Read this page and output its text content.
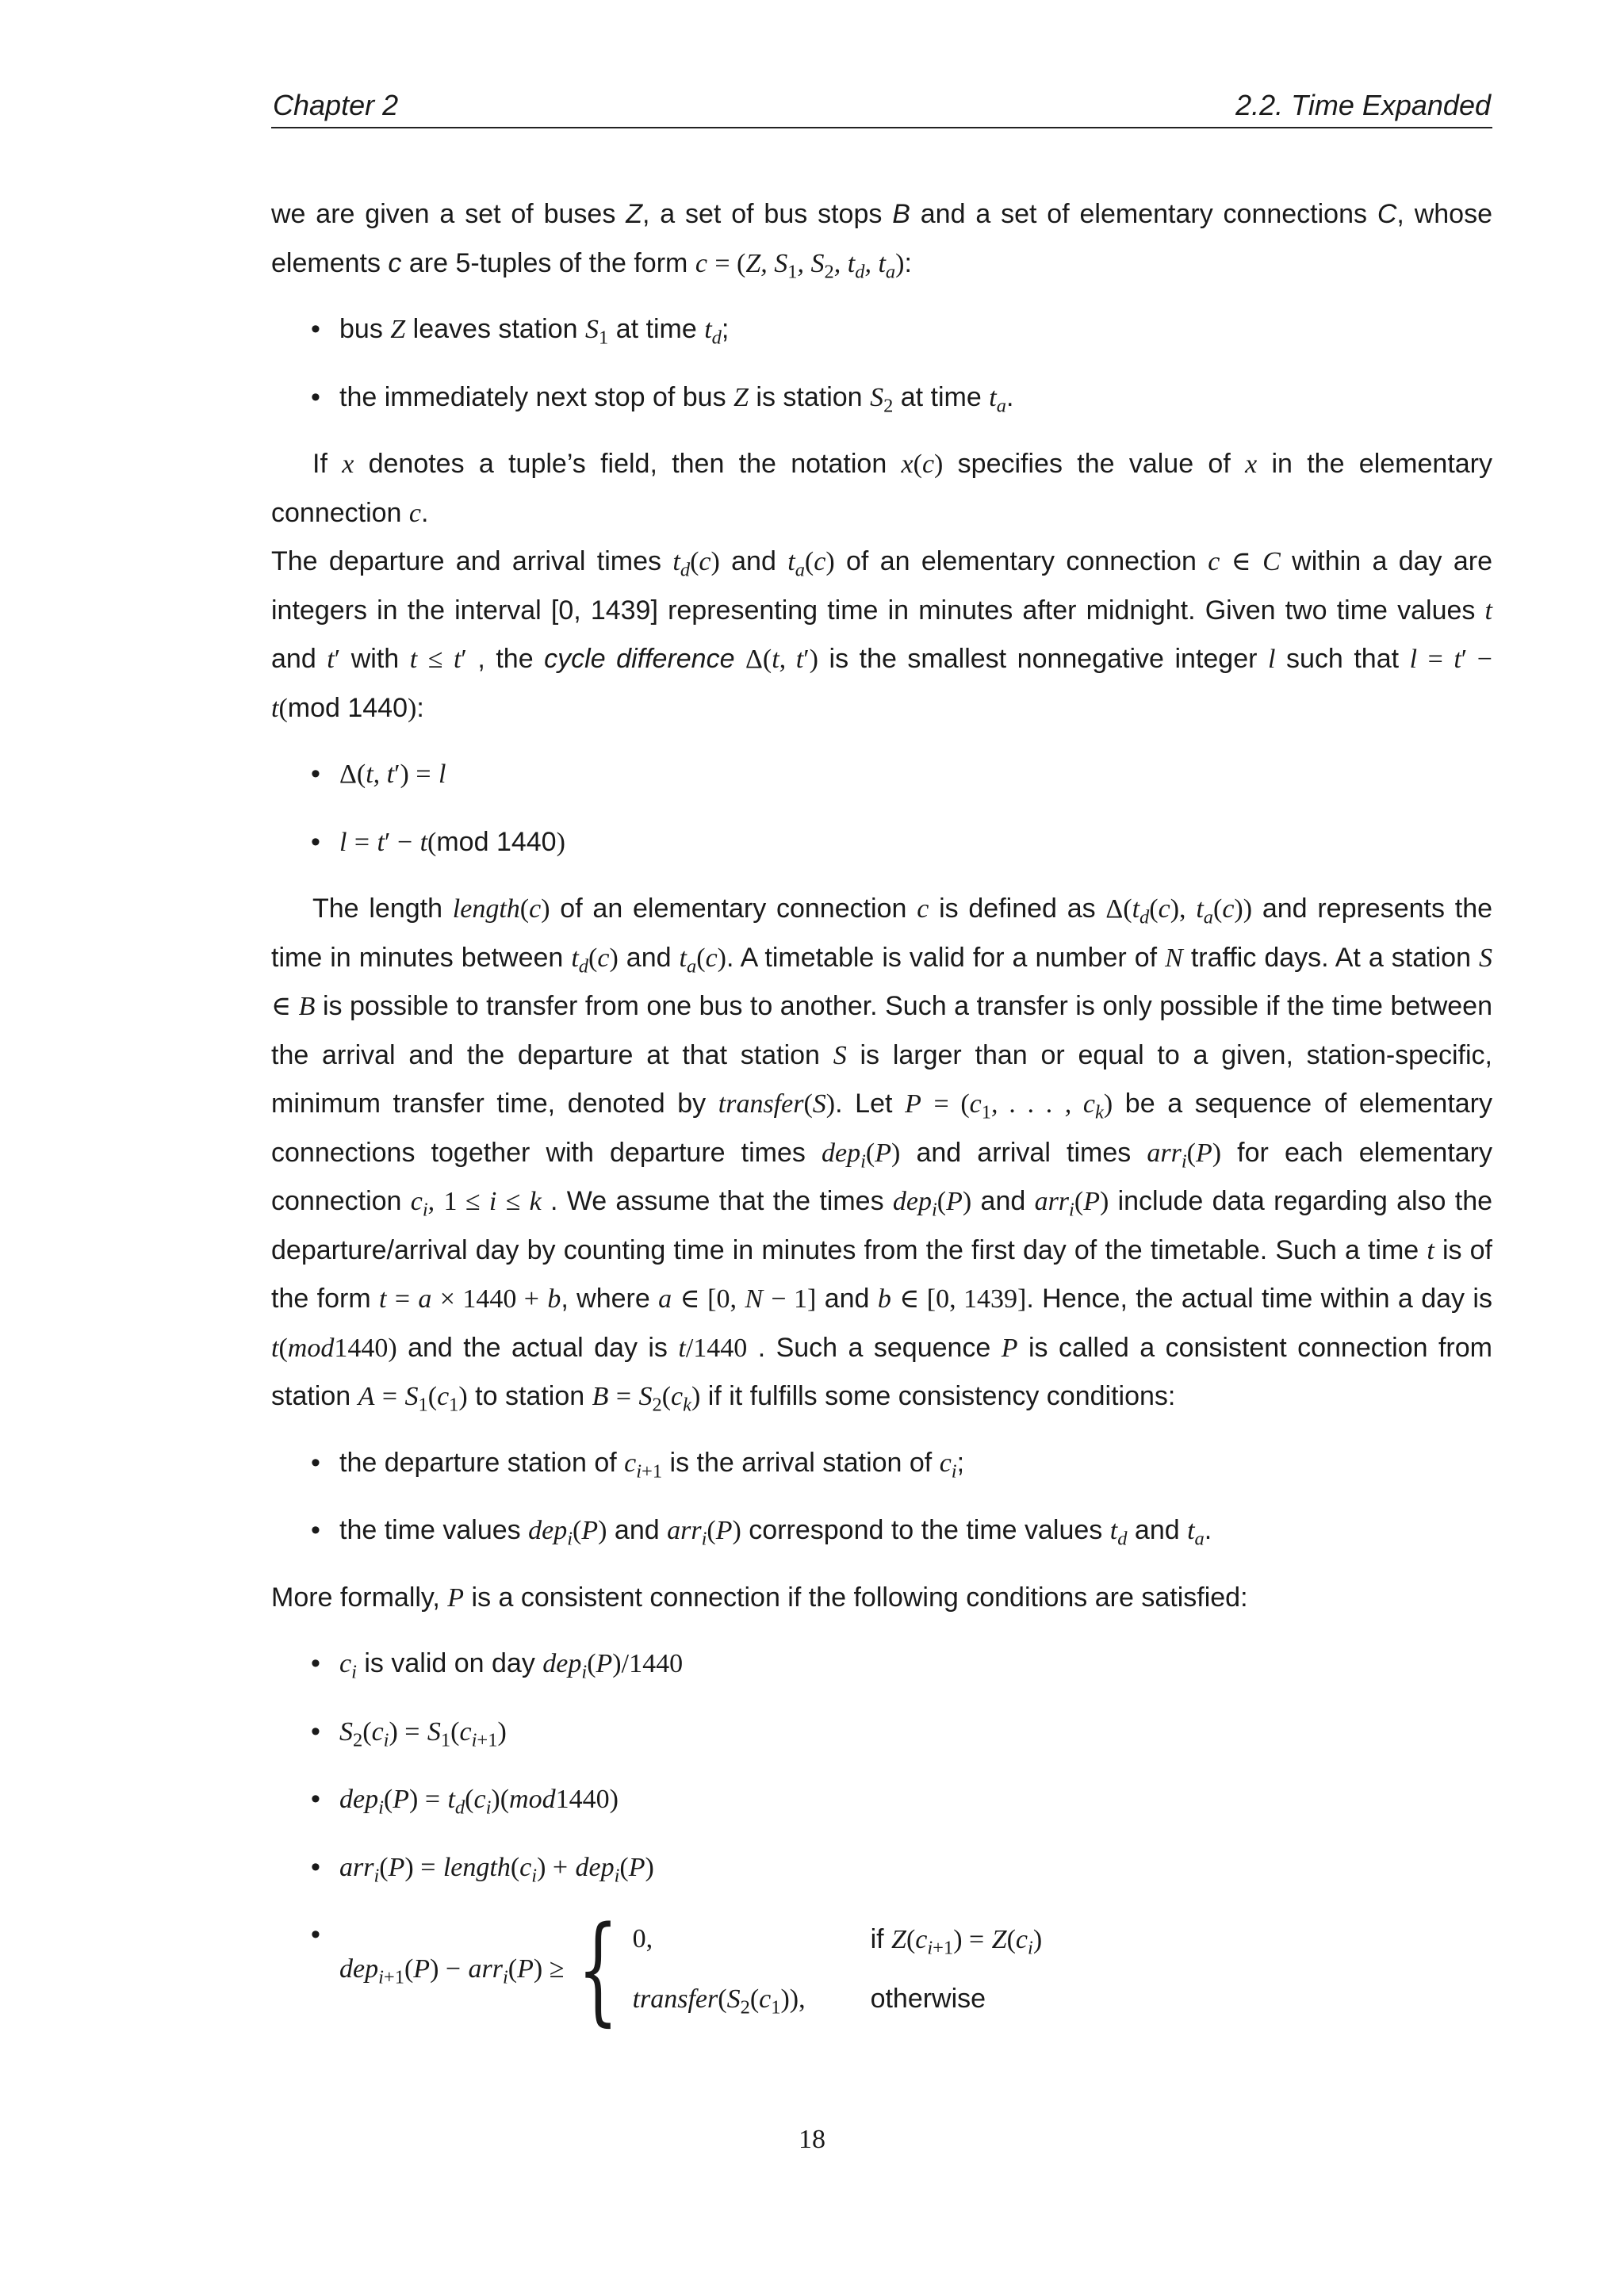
Chapter 2	2.2. Time Expanded

we are given a set of buses Z, a set of bus stops B and a set of elementary connections C, whose elements c are 5-tuples of the form c = (Z, $S_1$, $S_2$, $t_d$, $t_a$):

• bus Z leaves station $S_1$ at time $t_d$;
• the immediately next stop of bus Z is station $S_2$ at time $t_a$.

If x denotes a tuple’s field, then the notation x(c) specifies the value of x in the elementary connection c.

The departure and arrival times $t_d(c)$ and $t_a(c)$ of an elementary connection c ∈ C within a day are integers in the interval [0, 1439] representing time in minutes after midnight. Given two time values t and t′ with t ≤ t′ , the cycle difference Δ(t, t′) is the smallest nonnegative integer l such that l = t′ − t(mod 1440):

• Δ(t, t′) = l
• l = t′ − t(mod 1440)

The length length(c) of an elementary connection c is defined as $\Delta(t_d(c)$, $t_a(c)$) and represents the time in minutes between $t_d(c)$ and $t_a(c)$. A timetable is valid for a number of N traffic days. At a station S ∈ B is possible to transfer from one bus to another. Such a transfer is only possible if the time between the arrival and the departure at that station S is larger than or equal to a given, station-specific, minimum transfer time, denoted by transfer(S). Let $P = (c_1$, . . . , $c_k$) be a sequence of elementary connections together with departure times dep$_i$(P) and arrival times arr$_i$(P) for each elementary connection $c_i$, 1 ≤ i ≤ k . We assume that the times dep$_i$(P) and arr$_i$(P) include data regarding also the departure/arrival day by counting time in minutes from the first day of the timetable. Such a time t is of the form t = a × 1440 + b, where a ∈ [0, N − 1] and b ∈ [0, 1439]. Hence, the actual time within a day is t(mod1440) and the actual day is t/1440 . Such a sequence P is called a consistent connection from station $A = S_1(c_1)$ to station $B = S_2(c_k)$ if it fulfills some consistency conditions:

• the departure station of $c_{i+1}$ is the arrival station of $c_i$;
• the time values dep$_i$(P) and arr$_i$(P) correspond to the time values $t_d$ and $t_a$.

More formally, P is a consistent connection if the following conditions are satisfied:

• $c_i$ is valid on day dep$_i$(P)/1440
• $S_2(c_i) = S_1(c_{i+1})$
• $dep_i(P) = t_d(c_i)(mod1440)$
• $arr_i(P) = length(c_i) + dep_i(P)$
• dep$_{i+1}$(P) − arr$_i$(P) ≥ { 0,	if $Z(c_{i+1}) = Z(c_i)$
$transfer(S_2(c_1))$,	otherwise
18
